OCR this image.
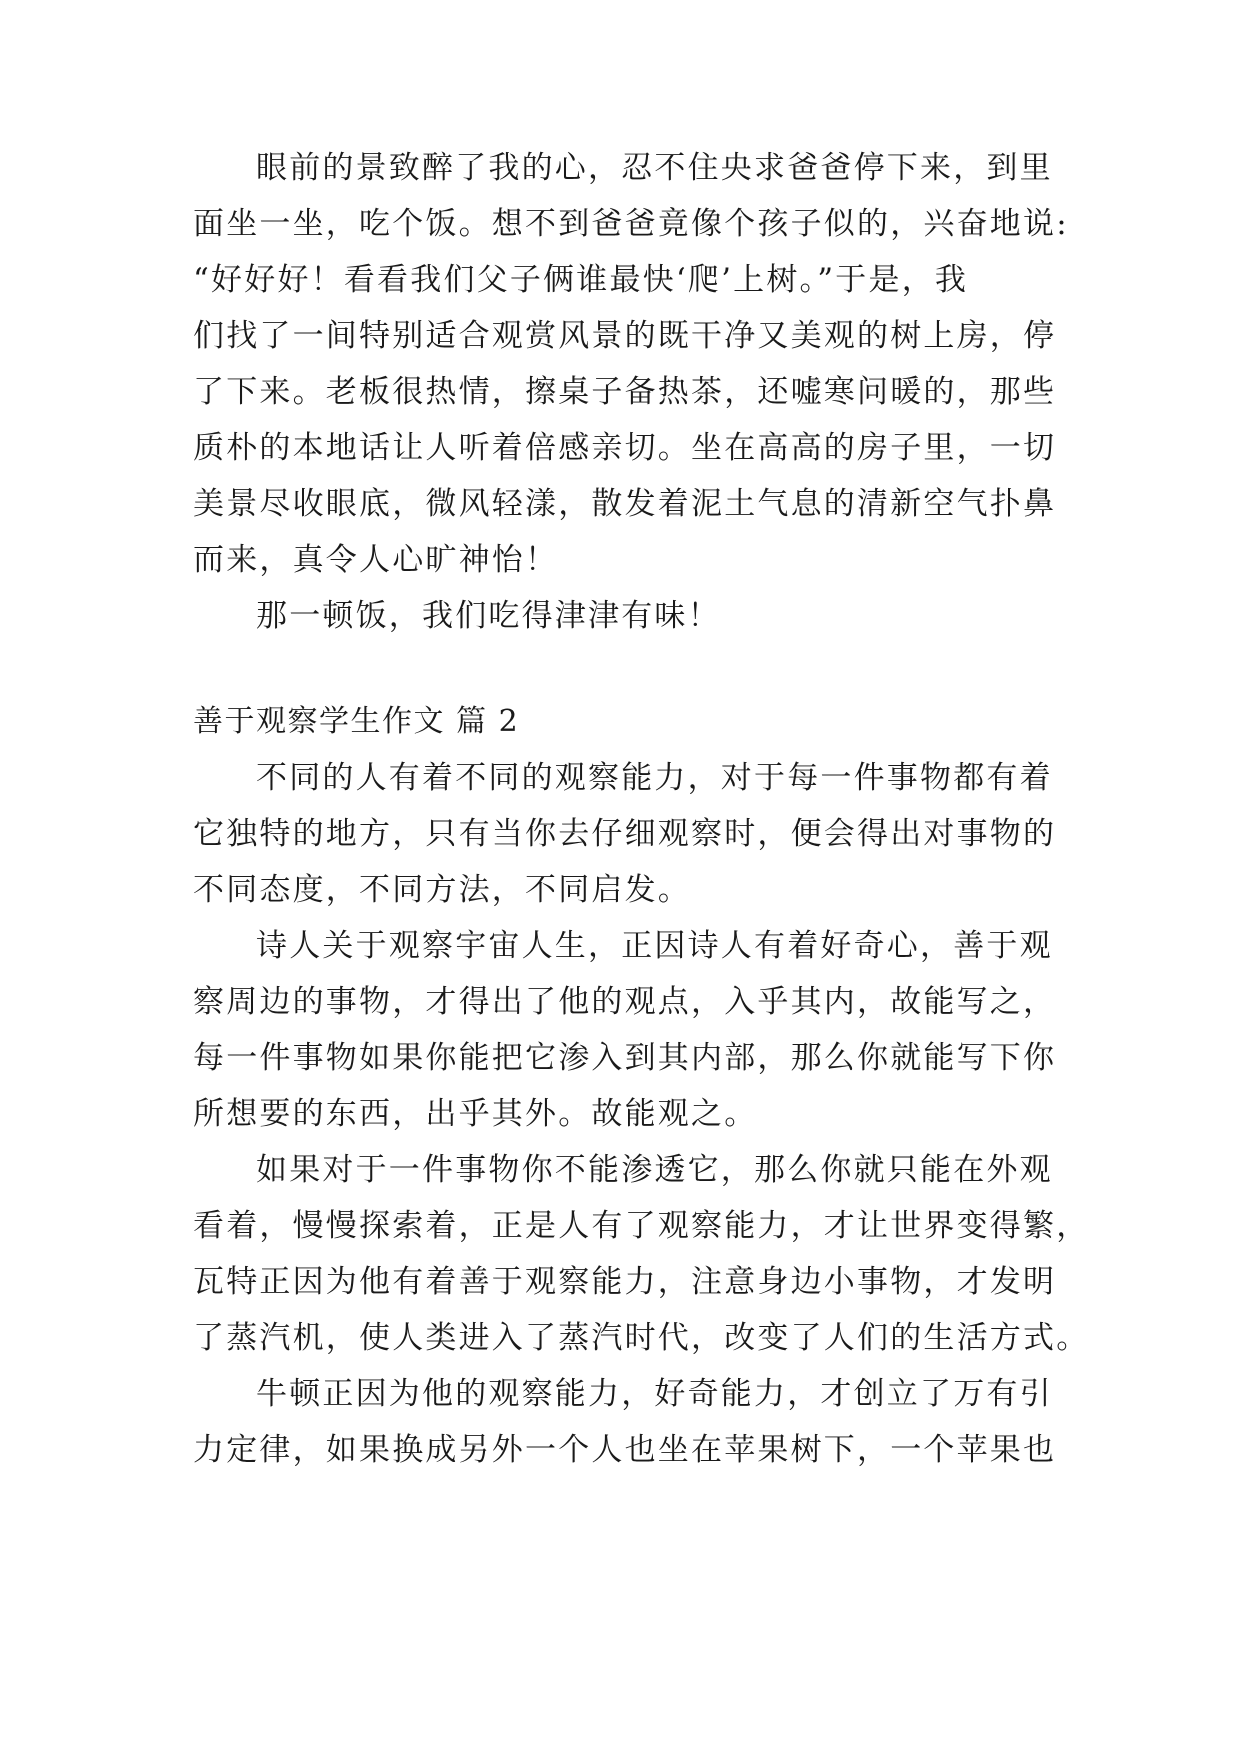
眼前的景致醉了我的心，忍不住央求爸爸停下来，到里
面坐一坐，吃个饭。想不到爸爸竟像个孩子似的，兴奋地说:
“好好好！看看我们父子俩谁最快‘爬’上树。”于是，我
们找了一间特别适合观赏风景的既干净又美观的树上房，停
了下来。老板很热情，擦桌子备热茶，还嘘寒问暖的，那些
质朴的本地话让人听着倍感亲切。坐在高高的房子里，一切
美景尽收眼底，微风轻漾，散发着泥土气息的清新空气扑鼻
而来，真令人心旷神怡！
那一顿饭，我们吃得津津有味！
善于观察学生作文 篇 2
不同的人有着不同的观察能力，对于每一件事物都有着
它独特的地方，只有当你去仔细观察时，便会得出对事物的
不同态度，不同方法，不同启发。
诗人关于观察宇宙人生，正因诗人有着好奇心，善于观
察周边的事物，才得出了他的观点，入乎其内，故能写之，
每一件事物如果你能把它渗入到其内部，那么你就能写下你
所想要的东西，出乎其外。故能观之。
如果对于一件事物你不能渗透它，那么你就只能在外观
看着，慢慢探索着，正是人有了观察能力，才让世界变得繁，
瓦特正因为他有着善于观察能力，注意身边小事物，才发明
了蒸汽机，使人类进入了蒸汽时代，改变了人们的生活方式。
牛顿正因为他的观察能力，好奇能力，才创立了万有引
力定律，如果换成另外一个人也坐在苹果树下，一个苹果也
